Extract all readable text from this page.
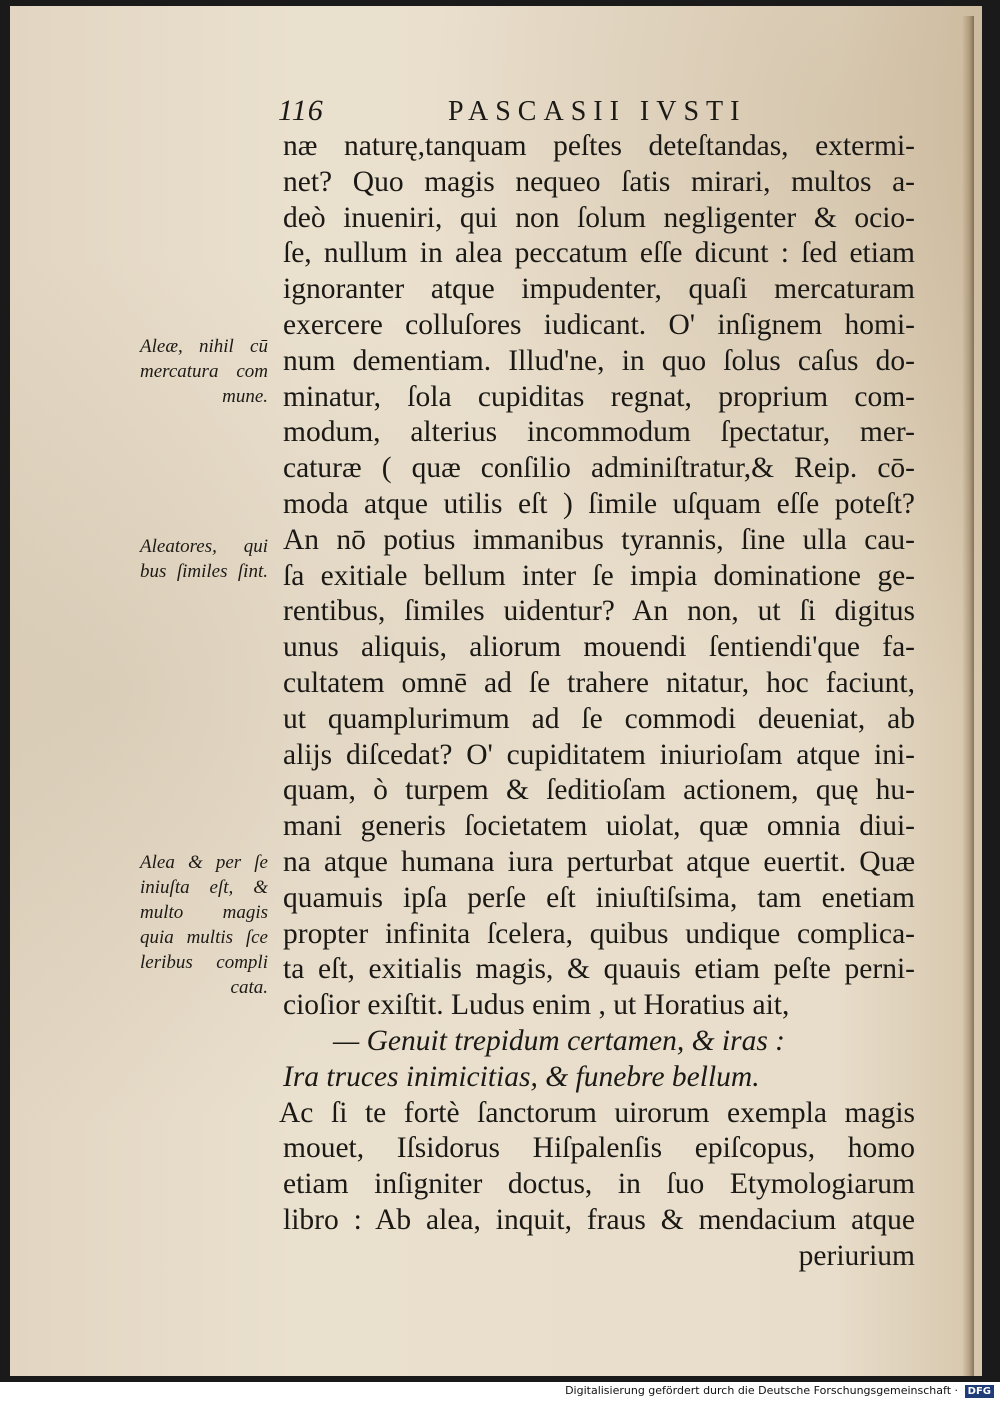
116	PASCASII IVSTI
næ naturę,tanquam peſtes deteſtandas, extermi-
net? Quo magis nequeo ſatis mirari, multos a-
deò inueniri, qui non ſolum negligenter & ocio-
ſe, nullum in alea peccatum eſſe dicunt : ſed etiam
ignoranter atque impudenter, quaſi mercaturam
exercere colluſores iudicant. O' inſignem homi-
num dementiam. Illud'ne, in quo ſolus caſus do-
minatur, ſola cupiditas regnat, proprium com-
modum, alterius incommodum ſpectatur, mer-
caturæ ( quæ conſilio adminiſtratur,& Reip. cō-
moda atque utilis eſt ) ſimile uſquam eſſe poteſt?
An nō potius immanibus tyrannis, ſine ulla cau-
ſa exitiale bellum inter ſe impia dominatione ge-
rentibus, ſimiles uidentur? An non, ut ſi digitus
unus aliquis, aliorum mouendi ſentiendi'que fa-
cultatem omnē ad ſe trahere nitatur, hoc faciunt,
ut quamplurimum ad ſe commodi deueniat, ab
alijs diſcedat? O' cupiditatem iniurioſam atque ini-
quam, ò turpem & ſeditioſam actionem, quę hu-
mani generis ſocietatem uiolat, quæ omnia diui-
na atque humana iura perturbat atque euertit. Quæ
quamuis ipſa perſe eſt iniuſtiſsima, tam enetiam
propter infinita ſcelera, quibus undique complica-
ta eſt, exitialis magis, & quauis etiam peſte perni-
cioſior exiſtit. Ludus enim , ut Horatius ait,
— Genuit trepidum certamen, & iras :
Ira truces inimicitias, & funebre bellum.
Ac ſi te fortè ſanctorum uirorum exempla magis
mouet, Iſsidorus Hiſpalenſis epiſcopus, homo
etiam inſigniter doctus, in ſuo Etymologiarum
libro : Ab alea, inquit, fraus & mendacium atque
periurium
Aleæ, nihil cū
mercatura com
mune.
Aleatores, qui
bus ſimiles ſint.
Alea & per ſe
iniuſta eſt, &
multo magis
quia multis ſce
leribus compli
cata.
Digitalisierung gefördert durch die Deutsche Forschungsgemeinschaft · DFG
